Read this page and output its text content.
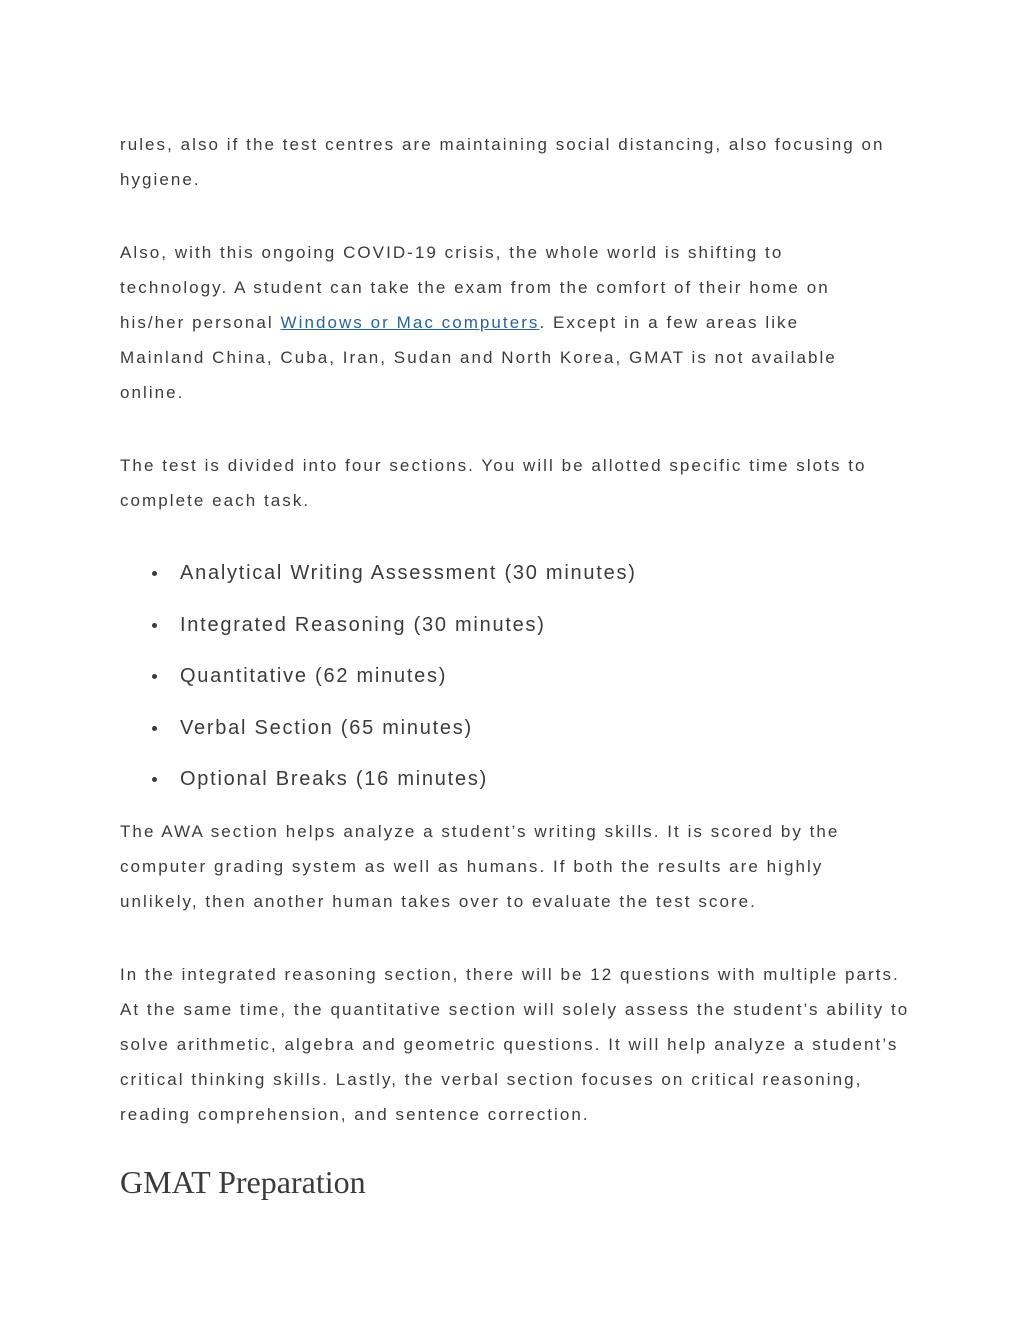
rules, also if the test centres are maintaining social distancing, also focusing on hygiene.

Also, with this ongoing COVID-19 crisis, the whole world is shifting to technology. A student can take the exam from the comfort of their home on his/her personal Windows or Mac computers. Except in a few areas like Mainland China, Cuba, Iran, Sudan and North Korea, GMAT is not available online.

The test is divided into four sections. You will be allotted specific time slots to complete each task.

Analytical Writing Assessment (30 minutes)
Integrated Reasoning (30 minutes)
Quantitative (62 minutes)
Verbal Section (65 minutes)
Optional Breaks (16 minutes)

The AWA section helps analyze a student’s writing skills. It is scored by the computer grading system as well as humans. If both the results are highly unlikely, then another human takes over to evaluate the test score.

In the integrated reasoning section, there will be 12 questions with multiple parts. At the same time, the quantitative section will solely assess the student’s ability to solve arithmetic, algebra and geometric questions. It will help analyze a student’s critical thinking skills. Lastly, the verbal section focuses on critical reasoning, reading comprehension, and sentence correction.

GMAT Preparation
